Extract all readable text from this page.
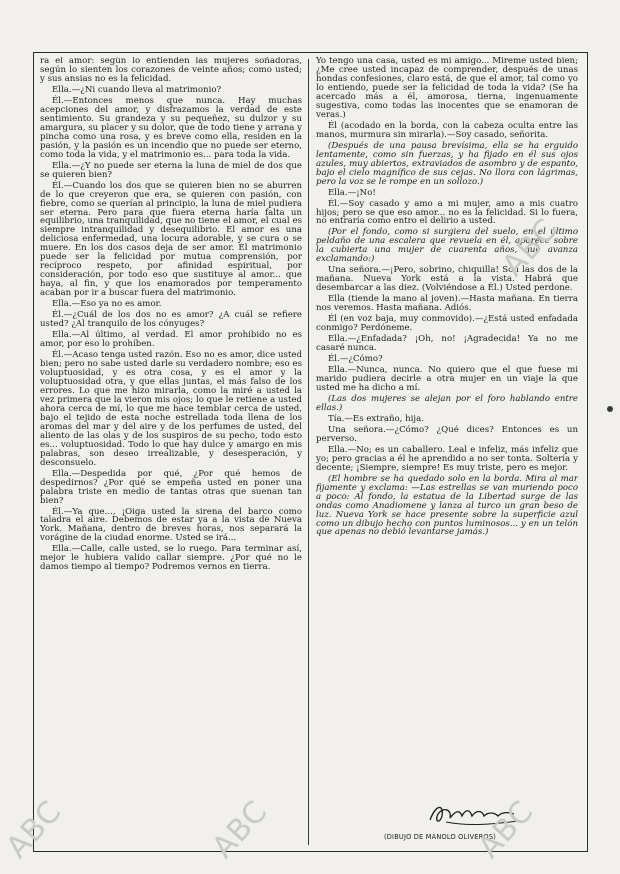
ra el amor: según lo entienden las mujeres soñadoras, según lo sienten los corazones de veinte años; como usted; y sus ansias no es la felicidad.

Ella.—¿Ni cuando lleva al matrimonio?

Él.—Entonces menos que nunca. Hay muchas acepciones del amor, y disfrazamos la verdad de este sentimiento. Su grandeza y su pequeñez, su dulzor y su amargura, su placer y su dolor, que de todo tiene y arrana y pincha como una rosa, y es breve como ella, residen en la pasión, y la pasión es un incendio que no puede ser eterno, como toda la vida, y el matrimonio es... para toda la vida.

Ella.—¿Y no puede ser eterna la luna de miel de dos que se quieren bien?

Él.—Cuando los dos que se quieren bien no se aburren de lo que creyeron que era, se quieren con pasión, con fiebre, como se querían al principio, la luna de miel pudiera ser eterna. Pero para que fuera eterna haría falta un equilibrio, una tranquilidad, que no tiene el amor, el cual es siempre intranquilidad y desequilibrio. El amor es una deliciosa enfermedad, una locura adorable, y se cura o se muere. En los dos casos deja de ser amor. El matrimonio puede ser la felicidad por mutua comprensión, por recíproco respeto, por afinidad espiritual, por consideración, por todo eso que sustituye al amor... que haya, al fin, y que los enamorados por temperamento acaban por ir a buscar fuera del matrimonio.

Ella.—Eso ya no es amor.

Él.—¿Cuál de los dos no es amor? ¿A cuál se refiere usted? ¿Al tranquilo de los cónyuges?

Ella.—Al último, al verdad. El amor prohibido no es amor, por eso lo prohíben.

Él.—Acaso tenga usted razón. Eso no es amor, dice usted bien; pero no sabe usted darle su verdadero nombre; eso es voluptuosidad, y es otra cosa, y es el amor y la voluptuosidad otra, y que ellas juntas, el más falso de los errores. Lo que me hizo mirarla, como la miré a usted la vez primera que la vieron mis ojos; lo que le retiene a usted ahora cerca de mí, lo que me hace temblar cerca de usted, bajo el tejido de esta noche estrellada toda llena de los aromas del mar y del aire y de los perfumes de usted, del aliento de las olas y de los suspiros de su pecho, todo esto es... voluptuosidad. Todo lo que hay dulce y amargo en mis palabras, son deseo irrealizable, y desesperación, y desconsuelo.

Ella.—Despedida por qué, ¿Por qué hemos de despedirnos? ¿Por qué se empeña usted en poner una palabra triste en medio de tantas otras que suenan tan bien?

Él.—Ya que..., ¡Oiga usted la sirena del barco como taladra el aire. Debemos de estar ya a la vista de Nueva York. Mañana, dentro de breves horas, nos separará la vorágine de la ciudad enorme. Usted se irá...

Ella.—Calle, calle usted, se lo ruego. Para terminar así, mejor le hubiera valido callar siempre. ¿Por qué no le damos tiempo al tiempo? Podremos vernos en tierra.

Yo tengo una casa, usted es mi amigo... Mireme usted bien; ¿Me cree usted incapaz de comprender, después de unas hondas confesiones, claro está, de que el amor, tal como yo lo entiendo, puede ser la felicidad de toda la vida? (Se ha acercado más a él, amorosa, tierna, ingenuamente sugestiva, como todas las inocentes que se enamoran de veras.)

Él (acodado en la borda, con la cabeza oculta entre las manos, murmura sin mirarla).—Soy casado, señorita.

(Después de una pausa brevísima, ella se ha erguido lentamente, como sin fuerzas, y ha fijado en él sus ojos azules, muy abiertos, extraviados de asombro y de espanto, bajo el cielo magnífico de sus cejas. No llora con lágrimas, pero la voz se le rompe en un sollozo.)

Ella.—¡No!

Él.—Soy casado y amo a mi mujer, amo a mis cuatro hijos; pero se que eso amor... no es la felicidad. Si lo fuera, no entraría como entro el delirio a usted.

(Por el fondo, como si surgiera del suelo, en el último peldaño de una escalera que revuela en él, aparece sobre la cubierta una mujer de cuarenta años, que avanza exclamando:)

Una señora.—¡Pero, sobrino, chiquilla! Son las dos de la mañana. Nueva York está a la vista. Habrá que desembarcar a las diez. (Volviéndose a Él.) Usted perdone.

Ella (tiende la mano al joven).—Hasta mañana. En tierra nos veremos. Hasta mañana. Adiós.

Él (en voz baja, muy conmovido).—¿Está usted enfadada conmigo? Perdóneme.

Ella.—¿Enfadada? ¡Oh, no! ¡Agradecida! Ya no me casaré nunca.

Él.—¿Cómo?

Ella.—Nunca, nunca. No quiero que el que fuese mi marido pudiera decirle a otra mujer en un viaje la que usted me ha dicho a mí.

(Las dos mujeres se alejan por el foro hablando entre ellas.)

Tía.—Es extraño, hija.

Una señora.—¿Cómo? ¿Qué dices? Entonces es un perverso.

Ella.—No; es un caballero. Leal e infeliz, más infeliz que yo; pero gracias a él he aprendido a no ser tonta. Soltería y decente; ¡Siempre, siempre! Es muy triste, pero es mejor.

(El hombre se ha quedado solo en la borda. Mira al mar fijamente y exclama: —Las estrellas se van muriendo poco a poco: Al fondo, la estatua de la Libertad surge de las ondas como Anadiomene y lanza al turco un gran beso de luz. Nueva York se hace presente sobre la superficie azul como un dibujo hecho con puntos luminosos... y en un telón que apenas no debió levantarse jamás.)

(DIBUJO DE MANOLO OLIVEROS)
ABC
ABC	ABC	ABC
